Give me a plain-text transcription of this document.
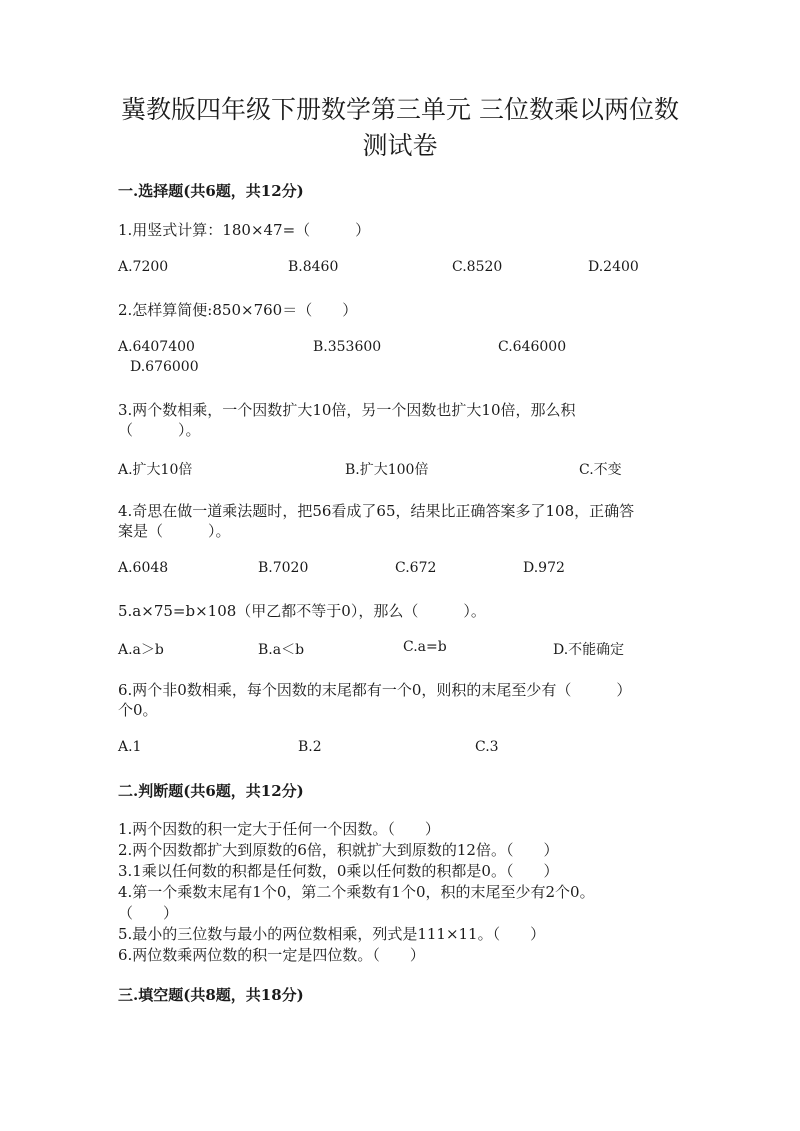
冀教版四年级下册数学第三单元 三位数乘以两位数
测试卷
一.选择题(共6题，共12分)
1.用竖式计算：180×47=（　　　）
A.7200	B.8460	C.8520	D.2400
2.怎样算简便:850×760＝（　　）
A.6407400	B.353600	C.646000
D.676000
3.两个数相乘，一个因数扩大10倍，另一个因数也扩大10倍，那么积
（　　　）。
A.扩大10倍	B.扩大100倍	C.不变
4.奇思在做一道乘法题时，把56看成了65，结果比正确答案多了108，正确答
案是（　　　）。
A.6048	B.7020	C.672	D.972
5.a×75=b×108（甲乙都不等于0），那么（　　　）。
A.a＞b	B.a＜b	C.a=b	D.不能确定
6.两个非0数相乘，每个因数的末尾都有一个0，则积的末尾至少有（　　　）
个0。
A.1	B.2	C.3
二.判断题(共6题，共12分)
1.两个因数的积一定大于任何一个因数。（　　）
2.两个因数都扩大到原数的6倍，积就扩大到原数的12倍。（　　）
3.1乘以任何数的积都是任何数，0乘以任何数的积都是0。（　　）
4.第一个乘数末尾有1个0，第二个乘数有1个0，积的末尾至少有2个0。
（　　）
5.最小的三位数与最小的两位数相乘，列式是111×11。（　　）
6.两位数乘两位数的积一定是四位数。（　　）
三.填空题(共8题，共18分)
